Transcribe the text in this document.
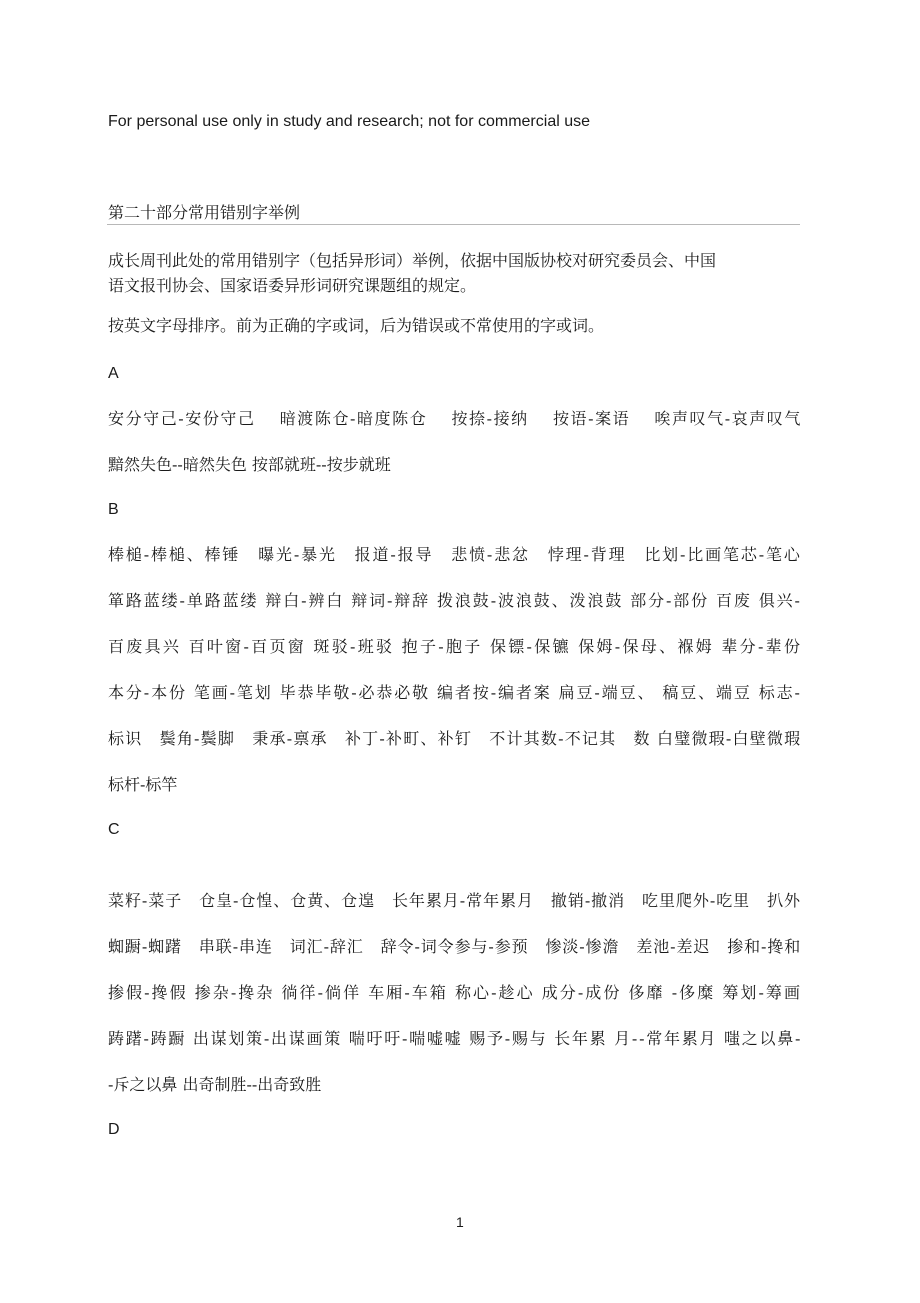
For personal use only in study and research; not for commercial use
第二十部分常用错别字举例
成长周刊此处的常用错别字（包括异形词）举例，依据中国版协校对研究委员会、中国
语文报刊协会、国家语委异形词研究课题组的规定。
按英文字母排序。前为正确的字或词，后为错误或不常使用的字或词。
A
安分守己-安份守己　 暗渡陈仓-暗度陈仓　 按捺-接纳　 按语-案语　 唉声叹气-哀声叹气
黯然失色--暗然失色 按部就班--按步就班
B
棒槌-棒槌、棒锤　曝光-暴光　报道-报导　悲愤-悲忿　悖理-背理　比划-比画笔芯-笔心
箪路蓝缕-单路蓝缕 辩白-辨白 辩词-辩辞 拨浪鼓-波浪鼓、泼浪鼓 部分-部份 百废 俱兴-
百废具兴 百叶窗-百页窗 斑驳-班驳 抱子-胞子 保镖-保镳 保姆-保母、褓姆 辈分-辈份
本分-本份 笔画-笔划 毕恭毕敬-必恭必敬 编者按-编者案 扁豆-端豆、 稿豆、端豆 标志-
标识　鬓角-鬓脚　秉承-禀承　补丁-补町、补钉　不计其数-不记其　数 白璧微瑕-白壁微瑕
标杆-标竿
C
菜籽-菜子　仓皇-仓惶、仓黄、仓遑　长年累月-常年累月　撤销-撤消　吃里爬外-吃里　扒外
蜘蹰-蜘躇　串联-串连　词汇-辞汇　辞令-词令参与-参预　惨淡-惨澹　差池-差迟　掺和-搀和
掺假-搀假 掺杂-搀杂 徜徉-倘佯 车厢-车箱 称心-趁心 成分-成份 侈靡 -侈糜 筹划-筹画
踌躇-踌蹰 出谋划策-出谋画策 喘吁吁-喘嘘嘘 赐予-赐与 长年累 月--常年累月 嗤之以鼻-
-斥之以鼻 出奇制胜--出奇致胜
D
1
